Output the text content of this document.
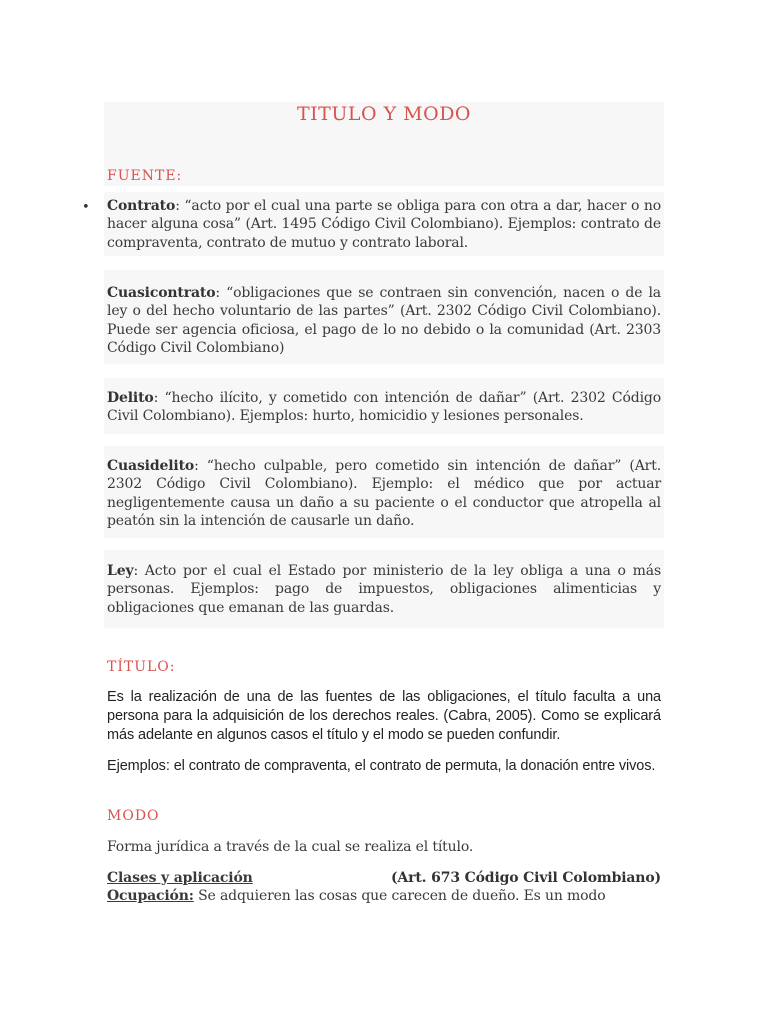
TITULO Y MODO
FUENTE:
• Contrato: “acto por el cual una parte se obliga para con otra a dar, hacer o no hacer alguna cosa” (Art. 1495 Código Civil Colombiano). Ejemplos: contrato de compraventa, contrato de mutuo y contrato laboral.
Cuasicontrato: “obligaciones que se contraen sin convención, nacen o de la ley o del hecho voluntario de las partes” (Art. 2302 Código Civil Colombiano). Puede ser agencia oficiosa, el pago de lo no debido o la comunidad (Art. 2303 Código Civil Colombiano)
Delito: “hecho ilícito, y cometido con intención de dañar” (Art. 2302 Código Civil Colombiano). Ejemplos: hurto, homicidio y lesiones personales.
Cuasidelito: “hecho culpable, pero cometido sin intención de dañar” (Art. 2302 Código Civil Colombiano). Ejemplo: el médico que por actuar negligentemente causa un daño a su paciente o el conductor que atropella al peatón sin la intención de causarle un daño.
Ley: Acto por el cual el Estado por ministerio de la ley obliga a una o más personas. Ejemplos: pago de impuestos, obligaciones alimenticias y obligaciones que emanan de las guardas.
TÍTULO:
Es la realización de una de las fuentes de las obligaciones, el título faculta a una persona para la adquisición de los derechos reales. (Cabra, 2005). Como se explicará más adelante en algunos casos el título y el modo se pueden confundir.
Ejemplos: el contrato de compraventa, el contrato de permuta, la donación entre vivos.
MODO
Forma jurídica a través de la cual se realiza el título.
Clases y aplicación	(Art. 673 Código Civil Colombiano)
Ocupación: Se adquieren las cosas que carecen de dueño. Es un modo
